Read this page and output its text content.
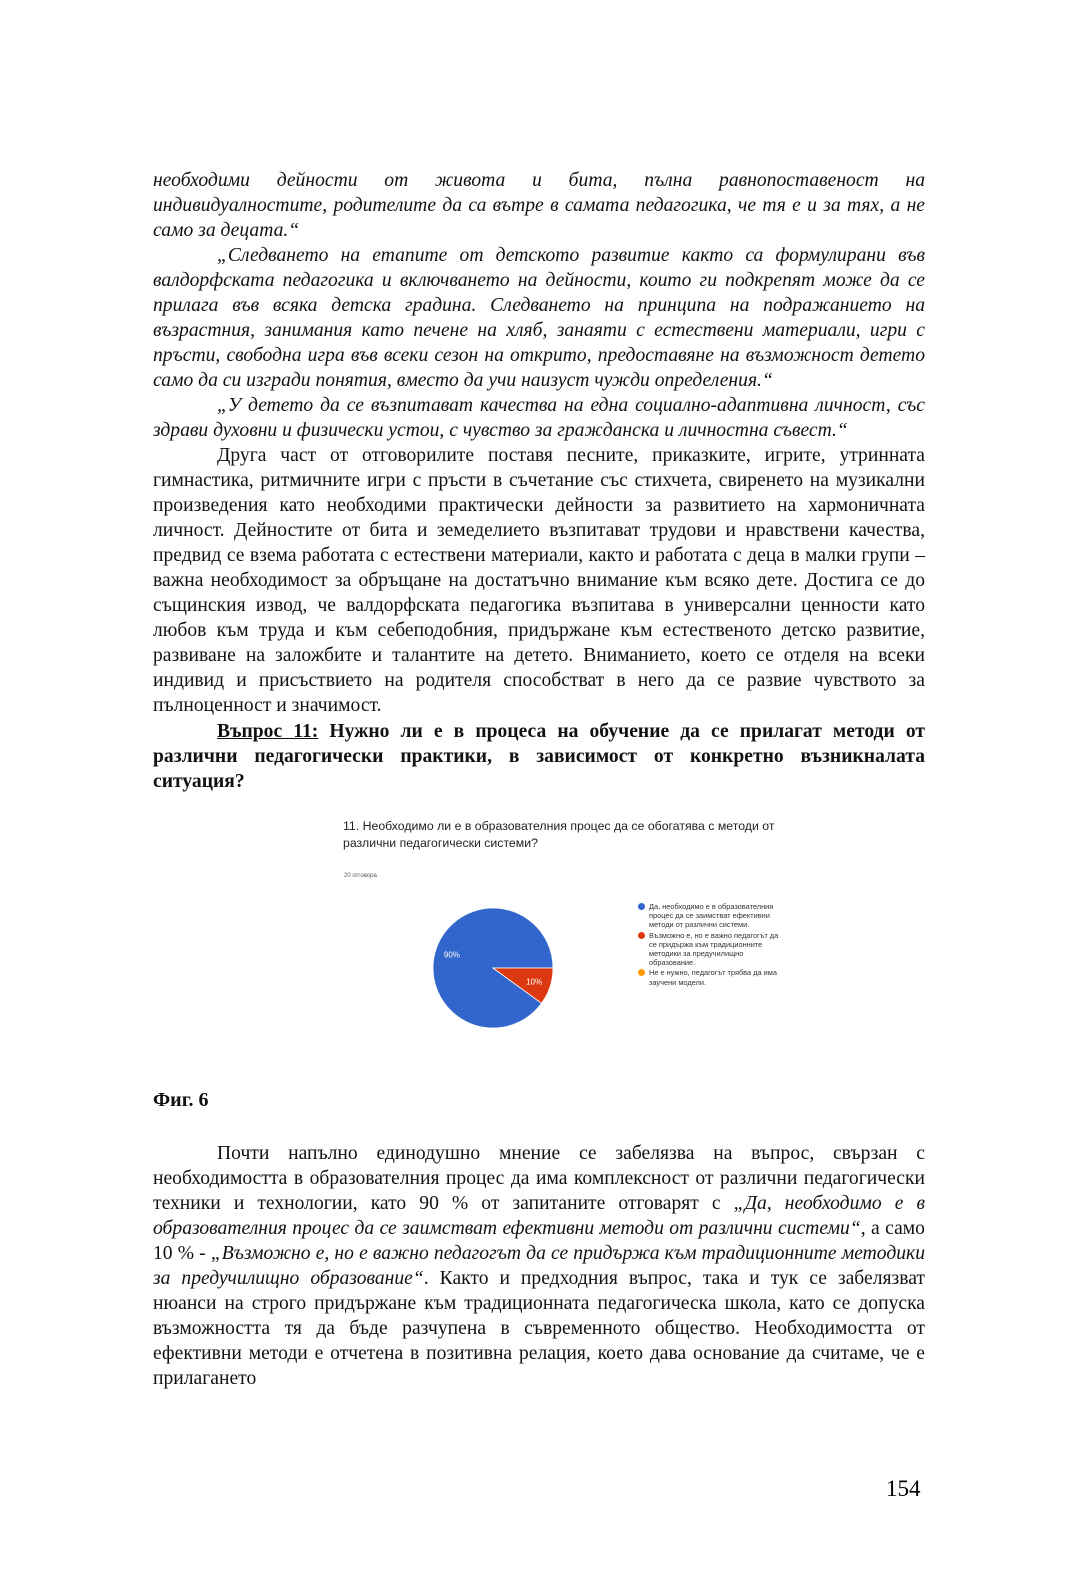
необходими дейности от живота и бита, пълна равнопоставеност на индивидуалностите, родителите да са вътре в самата педагогика, че тя е и за тях, а не само за децата.“

„Следването на етапите от детското развитие както са формулирани във валдорфската педагогика и включването на дейности, които ги подкрепят може да се прилага във всяка детска градина. Следването на принципа на подражанието на възрастния, занимания като печене на хляб, занаяти с естествени материали, игри с пръсти, свободна игра във всеки сезон на открито, предоставяне на възможност детето само да си изгради понятия, вместо да учи наизуст чужди определения.“

„У детето да се възпитават качества на една социално-адаптивна личност, със здрави духовни и физически устои, с чувство за гражданска и личностна съвест.“

Друга част от отговорилите поставя песните, приказките, игрите, утринната гимнастика, ритмичните игри с пръсти в съчетание със стихчета, свиренето на музикални произведения като необходими практически дейности за развитието на хармоничната личност. Дейностите от бита и земеделието възпитават трудови и нравствени качества, предвид се взема работата с естествени материали, както и работата с деца в малки групи – важна необходимост за обръщане на достатъчно внимание към всяко дете. Достига се до същинския извод, че валдорфската педагогика възпитава в универсални ценности като любов към труда и към себеподобния, придържане към естественото детско развитие, развиване на заложбите и талантите на детето. Вниманието, което се отделя на всеки индивид и присъствието на родителя способстват в него да се развие чувството за пълноценност и значимост.

Въпрос 11: Нужно ли е в процеса на обучение да се прилагат методи от различни педагогически практики, в зависимост от конкретно възникналата ситуация?

11. Необходимо ли е в образователния процес да се обогатява с методи от различни педагогически системи?
20 отговора
90%
10%
Да, необходимо е в образователния процес да се заимстват ефективни методи от различни системи.
Възможно е, но е важно педагогът да се придържа към традиционните методики за предучилищно образование.
Не е нужно, педагогът трябва да има заучени модели.

Фиг. 6

Почти напълно единодушно мнение се забелязва на въпрос, свързан с необходимостта в образователния процес да има комплексност от различни педагогически техники и технологии, като 90 % от запитаните отговарят с „Да, необходимо е в образователния процес да се заимстват ефективни методи от различни системи“, а само 10 % - „Възможно е, но е важно педагогът да се придържа към традиционните методики за предучилищно образование“. Както и предходния въпрос, така и тук се забелязват нюанси на строго придържане към традиционната педагогическа школа, като се допуска възможността тя да бъде разчупена в съвременното общество. Необходимостта от ефективни методи е отчетена в позитивна релация, което дава основание да считаме, че е прилагането

154
